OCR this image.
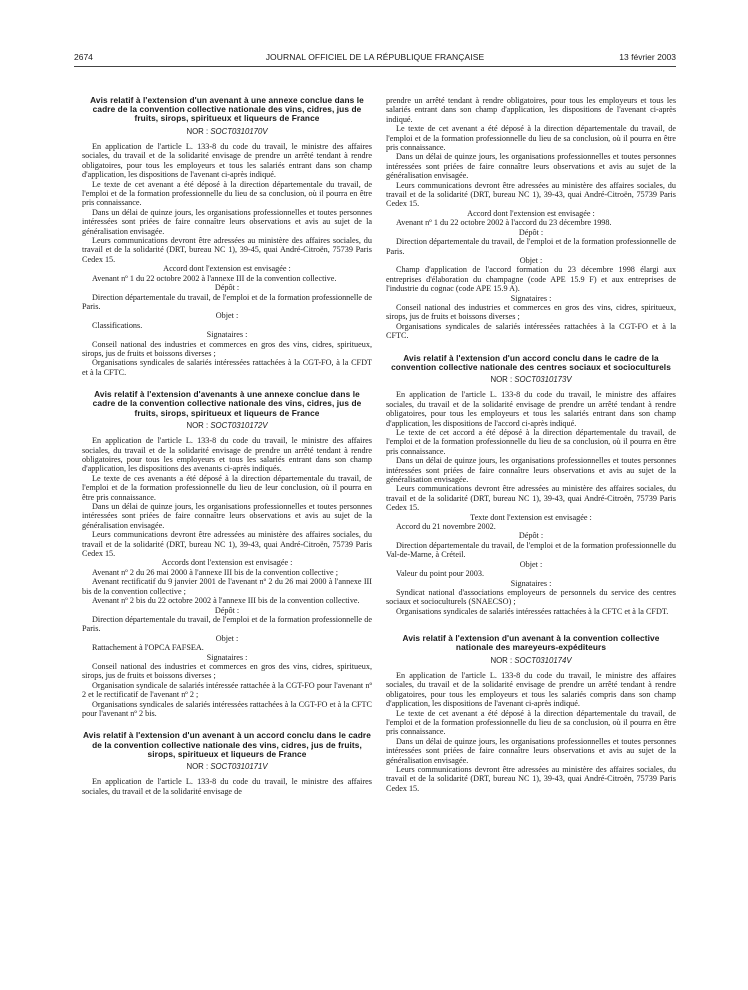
2674	JOURNAL OFFICIEL DE LA RÉPUBLIQUE FRANÇAISE	13 février 2003
Avis relatif à l'extension d'un avenant à une annexe conclue dans le cadre de la convention collective nationale des vins, cidres, jus de fruits, sirops, spiritueux et liqueurs de France
NOR : SOCT0310170V

En application de l'article L. 133-8 du code du travail, le ministre des affaires sociales, du travail et de la solidarité envisage de prendre un arrêté tendant à rendre obligatoires, pour tous les employeurs et tous les salariés entrant dans son champ d'application, les dispositions de l'avenant ci-après indiqué.

Le texte de cet avenant a été déposé à la direction départementale du travail, de l'emploi et de la formation professionnelle du lieu de sa conclusion, où il pourra en être pris connaissance.

Dans un délai de quinze jours, les organisations professionnelles et toutes personnes intéressées sont priées de faire connaître leurs observations et avis au sujet de la généralisation envisagée.

Leurs communications devront être adressées au ministère des affaires sociales, du travail et de la solidarité (DRT, bureau NC 1), 39-45, quai André-Citroën, 75739 Paris Cedex 15.

Accord dont l'extension est envisagée :

Avenant nº 1 du 22 octobre 2002 à l'annexe III de la convention collective.

Dépôt :

Direction départementale du travail, de l'emploi et de la formation professionnelle de Paris.

Objet :

Classifications.

Signataires :

Conseil national des industries et commerces en gros des vins, cidres, spiritueux, sirops, jus de fruits et boissons diverses ;

Organisations syndicales de salariés intéressées rattachées à la CGT-FO, à la CFDT et à la CFTC.

Avis relatif à l'extension d'avenants à une annexe conclue dans le cadre de la convention collective nationale des vins, cidres, jus de fruits, sirops, spiritueux et liqueurs de France
NOR : SOCT0310172V

En application de l'article L. 133-8 du code du travail, le ministre des affaires sociales, du travail et de la solidarité envisage de prendre un arrêté tendant à rendre obligatoires, pour tous les employeurs et tous les salariés entrant dans son champ d'application, les dispositions des avenants ci-après indiqués.

Le texte de ces avenants a été déposé à la direction départementale du travail, de l'emploi et de la formation professionnelle du lieu de leur conclusion, où il pourra en être pris connaissance.

Dans un délai de quinze jours, les organisations professionnelles et toutes personnes intéressées sont priées de faire connaître leurs observations et avis au sujet de la généralisation envisagée.

Leurs communications devront être adressées au ministère des affaires sociales, du travail et de la solidarité (DRT, bureau NC 1), 39-43, quai André-Citroën, 75739 Paris Cedex 15.

Accords dont l'extension est envisagée :

Avenant nº 2 du 26 mai 2000 à l'annexe III bis de la convention collective ;

Avenant rectificatif du 9 janvier 2001 de l'avenant nº 2 du 26 mai 2000 à l'annexe III bis de la convention collective ;

Avenant nº 2 bis du 22 octobre 2002 à l'annexe III bis de la convention collective.

Dépôt :

Direction départementale du travail, de l'emploi et de la formation professionnelle de Paris.

Objet :

Rattachement à l'OPCA FAFSEA.

Signataires :

Conseil national des industries et commerces en gros des vins, cidres, spiritueux, sirops, jus de fruits et boissons diverses ;

Organisation syndicale de salariés intéressée rattachée à la CGT-FO pour l'avenant nº 2 et le rectificatif de l'avenant nº 2 ;

Organisations syndicales de salariés intéressées rattachées à la CGT-FO et à la CFTC pour l'avenant nº 2 bis.

Avis relatif à l'extension d'un avenant à un accord conclu dans le cadre de la convention collective nationale des vins, cidres, jus de fruits, sirops, spiritueux et liqueurs de France
NOR : SOCT0310171V

En application de l'article L. 133-8 du code du travail, le ministre des affaires sociales, du travail et de la solidarité envisage de

prendre un arrêté tendant à rendre obligatoires, pour tous les employeurs et tous les salariés entrant dans son champ d'application, les dispositions de l'avenant ci-après indiqué.

Le texte de cet avenant a été déposé à la direction départementale du travail, de l'emploi et de la formation professionnelle du lieu de sa conclusion, où il pourra en être pris connaissance.

Dans un délai de quinze jours, les organisations professionnelles et toutes personnes intéressées sont priées de faire connaître leurs observations et avis au sujet de la généralisation envisagée.

Leurs communications devront être adressées au ministère des affaires sociales, du travail et de la solidarité (DRT, bureau NC 1), 39-43, quai André-Citroën, 75739 Paris Cedex 15.

Accord dont l'extension est envisagée :

Avenant nº 1 du 22 octobre 2002 à l'accord du 23 décembre 1998.

Dépôt :

Direction départementale du travail, de l'emploi et de la formation professionnelle de Paris.

Objet :

Champ d'application de l'accord formation du 23 décembre 1998 élargi aux entreprises d'élaboration du champagne (code APE 15.9 F) et aux entreprises de l'industrie du cognac (code APE 15.9 A).

Signataires :

Conseil national des industries et commerces en gros des vins, cidres, spiritueux, sirops, jus de fruits et boissons diverses ;

Organisations syndicales de salariés intéressées rattachées à la CGT-FO et à la CFTC.

Avis relatif à l'extension d'un accord conclu dans le cadre de la convention collective nationale des centres sociaux et socioculturels
NOR : SOCT0310173V

En application de l'article L. 133-8 du code du travail, le ministre des affaires sociales, du travail et de la solidarité envisage de prendre un arrêté tendant à rendre obligatoires, pour tous les employeurs et tous les salariés entrant dans son champ d'application, les dispositions de l'accord ci-après indiqué.

Le texte de cet accord a été déposé à la direction départementale du travail, de l'emploi et de la formation professionnelle du lieu de sa conclusion, où il pourra en être pris connaissance.

Dans un délai de quinze jours, les organisations professionnelles et toutes personnes intéressées sont priées de faire connaître leurs observations et avis au sujet de la généralisation envisagée.

Leurs communications devront être adressées au ministère des affaires sociales, du travail et de la solidarité (DRT, bureau NC 1), 39-43, quai André-Citroën, 75739 Paris Cedex 15.

Texte dont l'extension est envisagée :

Accord du 21 novembre 2002.

Dépôt :

Direction départementale du travail, de l'emploi et de la formation professionnelle du Val-de-Marne, à Créteil.

Objet :

Valeur du point pour 2003.

Signataires :

Syndicat national d'associations employeurs de personnels du service des centres sociaux et socioculturels (SNAECSO) ;

Organisations syndicales de salariés intéressées rattachées à la CFTC et à la CFDT.

Avis relatif à l'extension d'un avenant à la convention collective nationale des mareyeurs-expéditeurs
NOR : SOCT0310174V

En application de l'article L. 133-8 du code du travail, le ministre des affaires sociales, du travail et de la solidarité envisage de prendre un arrêté tendant à rendre obligatoires, pour tous les employeurs et tous les salariés compris dans son champ d'application, les dispositions de l'avenant ci-après indiqué.

Le texte de cet avenant a été déposé à la direction départementale du travail, de l'emploi et de la formation professionnelle du lieu de sa conclusion, où il pourra en être pris connaissance.

Dans un délai de quinze jours, les organisations professionnelles et toutes personnes intéressées sont priées de faire connaître leurs observations et avis au sujet de la généralisation envisagée.

Leurs communications devront être adressées au ministère des affaires sociales, du travail et de la solidarité (DRT, bureau NC 1), 39-43, quai André-Citroën, 75739 Paris Cedex 15.
